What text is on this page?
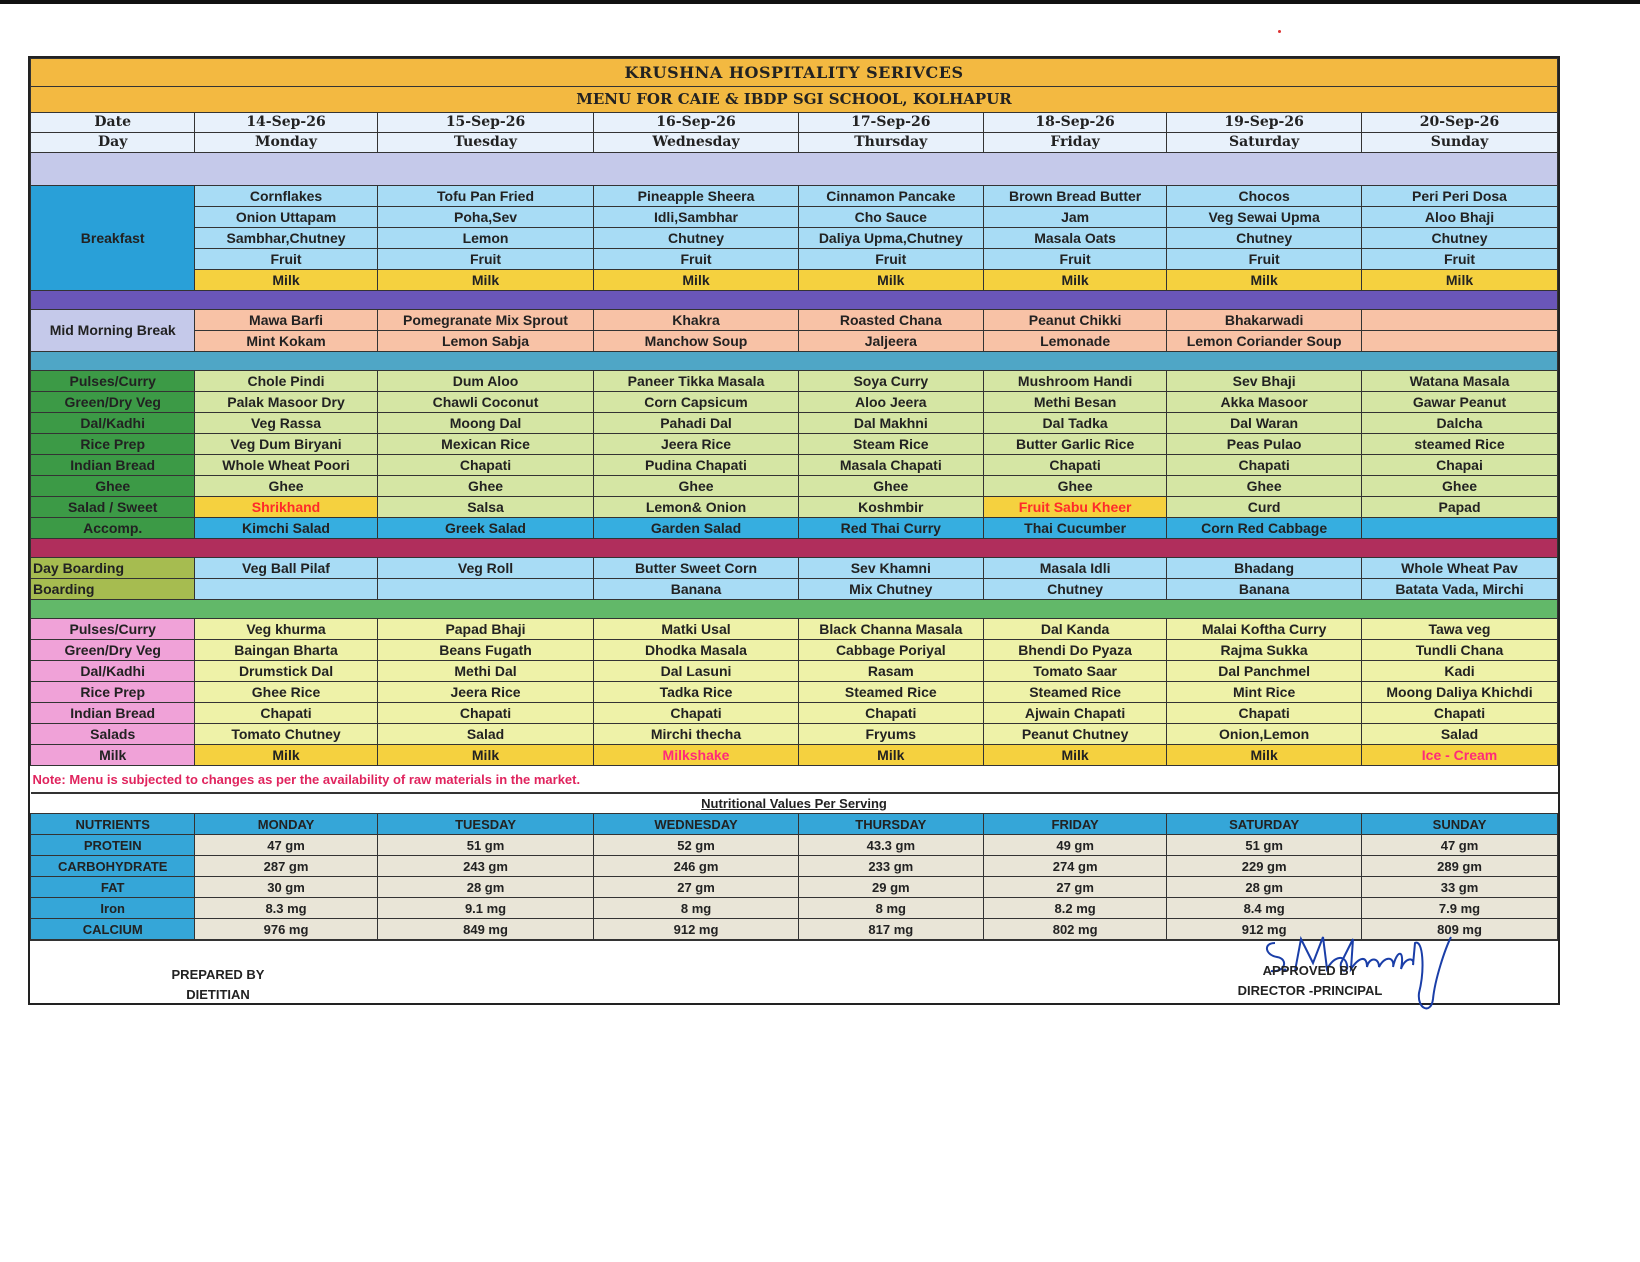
KRUSHNA HOSPITALITY SERIVCES							
MENU FOR CAIE & IBDP SGI SCHOOL, KOLHAPUR							
Date	14-Sep-26	15-Sep-26	16-Sep-26	17-Sep-26	18-Sep-26	19-Sep-26	20-Sep-26
Day	Monday	Tuesday	Wednesday	Thursday	Friday	Saturday	Sunday

Breakfast	Cornflakes	Tofu Pan Fried	Pineapple Sheera	Cinnamon Pancake	Brown Bread Butter	Chocos	Peri Peri Dosa
	Onion Uttapam	Poha,Sev	Idli,Sambhar	Cho Sauce	Jam	Veg Sewai Upma	Aloo Bhaji
	Sambhar,Chutney	Lemon	Chutney	Daliya Upma,Chutney	Masala Oats	Chutney	Chutney
	Fruit	Fruit	Fruit	Fruit	Fruit	Fruit	Fruit
	Milk	Milk	Milk	Milk	Milk	Milk	Milk

Mid Morning Break	Mawa Barfi	Pomegranate Mix Sprout	Khakra	Roasted Chana	Peanut Chikki	Bhakarwadi	
	Mint Kokam	Lemon Sabja	Manchow Soup	Jaljeera	Lemonade	Lemon Coriander Soup	

Pulses/Curry	Chole Pindi	Dum Aloo	Paneer Tikka Masala	Soya Curry	Mushroom Handi	Sev Bhaji	Watana Masala
Green/Dry Veg	Palak Masoor Dry	Chawli Coconut	Corn Capsicum	Aloo Jeera	Methi Besan	Akka Masoor	Gawar Peanut
Dal/Kadhi	Veg Rassa	Moong Dal	Pahadi Dal	Dal Makhni	Dal Tadka	Dal Waran	Dalcha
Rice Prep	Veg Dum Biryani	Mexican Rice	Jeera Rice	Steam Rice	Butter Garlic Rice	Peas Pulao	steamed Rice
Indian Bread	Whole Wheat Poori	Chapati	Pudina Chapati	Masala Chapati	Chapati	Chapati	Chapai
Ghee	Ghee	Ghee	Ghee	Ghee	Ghee	Ghee	Ghee
Salad / Sweet	Shrikhand	Salsa	Lemon& Onion	Koshmbir	Fruit Sabu Kheer	Curd	Papad
Accomp.	Kimchi Salad	Greek Salad	Garden Salad	Red Thai Curry	Thai Cucumber	Corn Red Cabbage	

Day Boarding	Veg Ball Pilaf	Veg Roll	Butter Sweet Corn	Sev Khamni	Masala Idli	Bhadang	Whole Wheat Pav
Boarding			Banana	Mix Chutney	Chutney	Banana	Batata Vada, Mirchi

Pulses/Curry	Veg khurma	Papad Bhaji	Matki Usal	Black Channa Masala	Dal Kanda	Malai Koftha Curry	Tawa veg
Green/Dry Veg	Baingan Bharta	Beans Fugath	Dhodka Masala	Cabbage Poriyal	Bhendi Do Pyaza	Rajma Sukka	Tundli Chana
Dal/Kadhi	Drumstick Dal	Methi Dal	Dal Lasuni	Rasam	Tomato Saar	Dal Panchmel	Kadi
Rice Prep	Ghee Rice	Jeera Rice	Tadka Rice	Steamed Rice	Steamed Rice	Mint Rice	Moong Daliya Khichdi
Indian Bread	Chapati	Chapati	Chapati	Chapati	Ajwain Chapati	Chapati	Chapati
Salads	Tomato Chutney	Salad	Mirchi thecha	Fryums	Peanut Chutney	Onion,Lemon	Salad
Milk	Milk	Milk	Milkshake	Milk	Milk	Milk	Ice - Cream
Note: Menu is subjected to changes as per the availability of raw materials in the market.							
Nutritional Values Per Serving							
NUTRIENTS	MONDAY	TUESDAY	WEDNESDAY	THURSDAY	FRIDAY	SATURDAY	SUNDAY
PROTEIN	47 gm	51 gm	52 gm	43.3 gm	49 gm	51 gm	47 gm
CARBOHYDRATE	287 gm	243 gm	246 gm	233 gm	274 gm	229 gm	289 gm
FAT	30 gm	28 gm	27 gm	29 gm	27 gm	28 gm	33 gm
Iron	8.3 mg	9.1 mg	8 mg	8 mg	8.2 mg	8.4 mg	7.9 mg
CALCIUM	976 mg	849 mg	912 mg	817 mg	802 mg	912 mg	809 mg
PREPARED BY
DIETITIAN
APPROVED BY
DIRECTOR -PRINCIPAL
